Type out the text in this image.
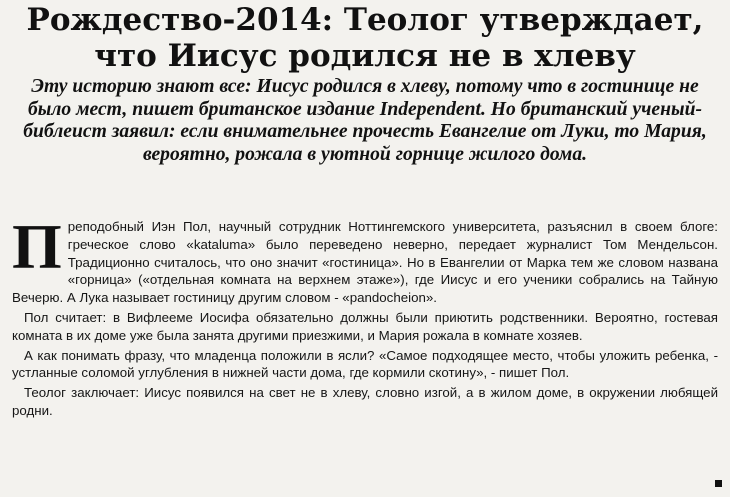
Рождество-2014: Теолог утверждает,
что Иисус родился не в хлеву
Эту историю знают все: Иисус родился в хлеву, потому что в гостинице не было мест, пишет британское издание Independent. Но британский ученый-библеист заявил: если внимательнее прочесть Евангелие от Луки, то Мария, вероятно, рожала в уютной горнице жилого дома.

Преподобный Иэн Пол, научный сотрудник Ноттингемского университета, разъяснил в своем блоге: греческое слово «kataluma» было переведено неверно, передает журналист Том Мендельсон. Традиционно считалось, что оно значит «гостиница». Но в Евангелии от Марка тем же словом названа «горница» («отдельная комната на верхнем этаже»), где Иисус и его ученики собрались на Тайную Вечерю. А Лука называет гостиницу другим словом - «pandocheion».

Пол считает: в Вифлееме Иосифа обязательно должны были приютить родственники. Вероятно, гостевая комната в их доме уже была занята другими приезжими, и Мария рожала в комнате хозяев.

А как понимать фразу, что младенца положили в ясли? «Самое подходящее место, чтобы уложить ребенка, - устланные соломой углубления в нижней части дома, где кормили скотину», - пишет Пол.

Теолог заключает: Иисус появился на свет не в хлеву, словно изгой, а в жилом доме, в окружении любящей родни.
